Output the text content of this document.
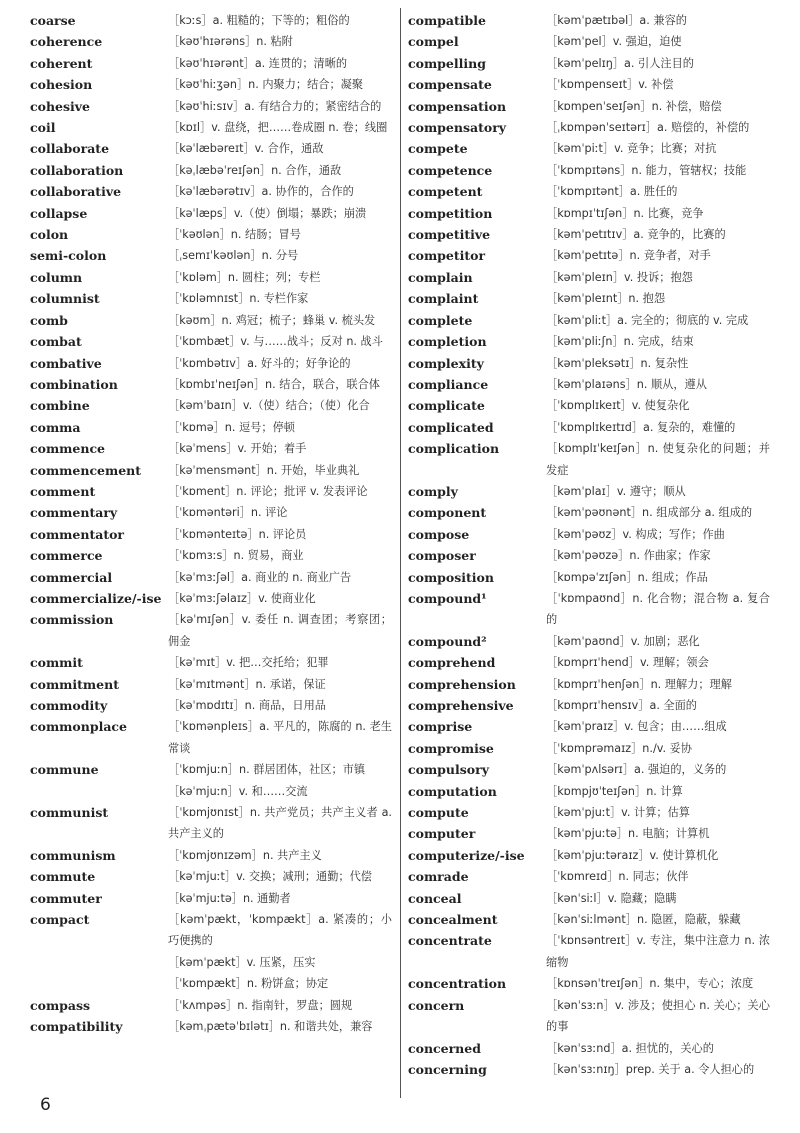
coarse	［kɔːs］a. 粗糙的；下等的；粗俗的
coherence	［kəʊˈhɪərəns］n. 粘附
coherent	［kəʊˈhɪərənt］a. 连贯的；清晰的
cohesion	［kəʊˈhiːʒən］n. 内聚力；结合；凝聚
cohesive	［kəʊˈhiːsɪv］a. 有结合力的；紧密结合的
coil	［kɒɪl］v. 盘绕，把……卷成圈 n. 卷；线圈
collaborate	［kəˈlæbəreɪt］v. 合作，通敌
collaboration	［kəˌlæbəˈreɪʃən］n. 合作，通敌
collaborative	［kəˈlæbərətɪv］a. 协作的，合作的
collapse	［kəˈlæps］v.（使）倒塌；暴跌；崩溃
colon	［ˈkəʊlən］n. 结肠；冒号
semi-colon	［ˌsemɪˈkəʊlən］n. 分号
column	［ˈkɒləm］n. 圆柱；列；专栏
columnist	［ˈkɒləmnɪst］n. 专栏作家
comb	［kəʊm］n. 鸡冠；梳子；蜂巢 v. 梳头发
combat	［ˈkɒmbæt］v. 与……战斗；反对 n. 战斗
combative	［ˈkɒmbətɪv］a. 好斗的；好争论的
combination	［kɒmbɪˈneɪʃən］n. 结合，联合，联合体
combine	［kəmˈbaɪn］v.（使）结合；（使）化合
comma	［ˈkɒmə］n. 逗号；停顿
commence	［kəˈmens］v. 开始；着手
commencement	［kəˈmensmənt］n. 开始，毕业典礼
comment	［ˈkɒment］n. 评论；批评 v. 发表评论
commentary	［ˈkɒməntəri］n. 评论
commentator	［ˈkɒmənteɪtə］n. 评论员
commerce	［ˈkɒmɜːs］n. 贸易，商业
commercial	［kəˈmɜːʃəl］a. 商业的 n. 商业广告
commercialize/-ise ［kəˈmɜːʃəlaɪz］v. 使商业化
commission	［kəˈmɪʃən］v. 委任 n. 调查团；考察团；佣金
commit	［kəˈmɪt］v. 把…交托给；犯罪
commitment	［kəˈmɪtmənt］n. 承诺，保证
commodity	［kəˈmɒdɪtɪ］n. 商品，日用品
commonplace	［ˈkɒmənpleɪs］a. 平凡的，陈腐的 n. 老生常谈
commune	［ˈkɒmjuːn］n. 群居团体，社区；市镇
［kəˈmjuːn］v. 和……交流
communist	［ˈkɒmjʊnɪst］n. 共产党员；共产主义者 a. 共产主义的
communism	［ˈkɒmjʊnɪzəm］n. 共产主义
commute	［kəˈmjuːt］v. 交换；减刑；通勤；代偿
commuter	［kəˈmjuːtə］n. 通勤者
compact	［kəmˈpækt，ˈkɒmpækt］a. 紧凑的；小巧便携的
［kəmˈpækt］v. 压紧，压实
［ˈkɒmpækt］n. 粉饼盒；协定
compass	［ˈkʌmpəs］n. 指南针，罗盘；圆规
compatibility	［kəmˌpætəˈbɪlətɪ］n. 和谐共处，兼容
compatible	［kəmˈpætɪbəl］a. 兼容的
compel	［kəmˈpel］v. 强迫，迫使
compelling	［kəmˈpelɪŋ］a. 引人注目的
compensate	［ˈkɒmpenseɪt］v. 补偿
compensation	［kɒmpenˈseɪʃən］n. 补偿，赔偿
compensatory	［ˌkɒmpənˈseɪtərɪ］a. 赔偿的，补偿的
compete	［kəmˈpiːt］v. 竞争；比赛；对抗
competence	［ˈkɒmpɪtəns］n. 能力，管辖权；技能
competent	［ˈkɒmpɪtənt］a. 胜任的
competition	［kɒmpɪˈtɪʃən］n. 比赛，竞争
competitive	［kəmˈpetɪtɪv］a. 竞争的，比赛的
competitor	［kəmˈpetɪtə］n. 竞争者，对手
complain	［kəmˈpleɪn］v. 投诉；抱怨
complaint	［kəmˈpleɪnt］n. 抱怨
complete	［kəmˈpliːt］a. 完全的；彻底的 v. 完成
completion	［kəmˈpliːʃn］n. 完成，结束
complexity	［kəmˈpleksətɪ］n. 复杂性
compliance	［kəmˈplaɪəns］n. 顺从，遵从
complicate	［ˈkɒmplɪkeɪt］v. 使复杂化
complicated	［ˈkɒmplɪkeɪtɪd］a. 复杂的，难懂的
complication	［kɒmplɪˈkeɪʃən］n. 使复杂化的问题；并发症
comply	［kəmˈplaɪ］v. 遵守；顺从
component	［kəmˈpəʊnənt］n. 组成部分 a. 组成的
compose	［kəmˈpəʊz］v. 构成；写作；作曲
composer	［kəmˈpəʊzə］n. 作曲家；作家
composition	［kɒmpəˈzɪʃən］n. 组成；作品
compound¹	［ˈkɒmpaʊnd］n. 化合物；混合物 a. 复合的
compound²	［kəmˈpaʊnd］v. 加剧；恶化
comprehend	［kɒmprɪˈhend］v. 理解；领会
comprehension	［kɒmprɪˈhenʃən］n. 理解力；理解
comprehensive	［kɒmprɪˈhensɪv］a. 全面的
comprise	［kəmˈpraɪz］v. 包含；由……组成
compromise	［ˈkɒmprəmaɪz］n./v. 妥协
compulsory	［kəmˈpʌlsərɪ］a. 强迫的，义务的
computation	［kɒmpjʊˈteɪʃən］n. 计算
compute	［kəmˈpjuːt］v. 计算；估算
computer	［kəmˈpjuːtə］n. 电脑；计算机
computerize/-ise	［kəmˈpjuːtəraɪz］v. 使计算机化
comrade	［ˈkɒmreɪd］n. 同志；伙伴
conceal	［kənˈsiːl］v. 隐藏；隐瞒
concealment	［kənˈsiːlmənt］n. 隐匿，隐蔽，躲藏
concentrate	［ˈkɒnsəntreɪt］v. 专注，集中注意力 n. 浓缩物
concentration	［kɒnsənˈtreɪʃən］n. 集中，专心；浓度
concern	［kənˈsɜːn］v. 涉及；使担心 n. 关心；关心的事
concerned	［kənˈsɜːnd］a. 担忧的，关心的
concerning	［kənˈsɜːnɪŋ］prep. 关于 a. 令人担心的
6
